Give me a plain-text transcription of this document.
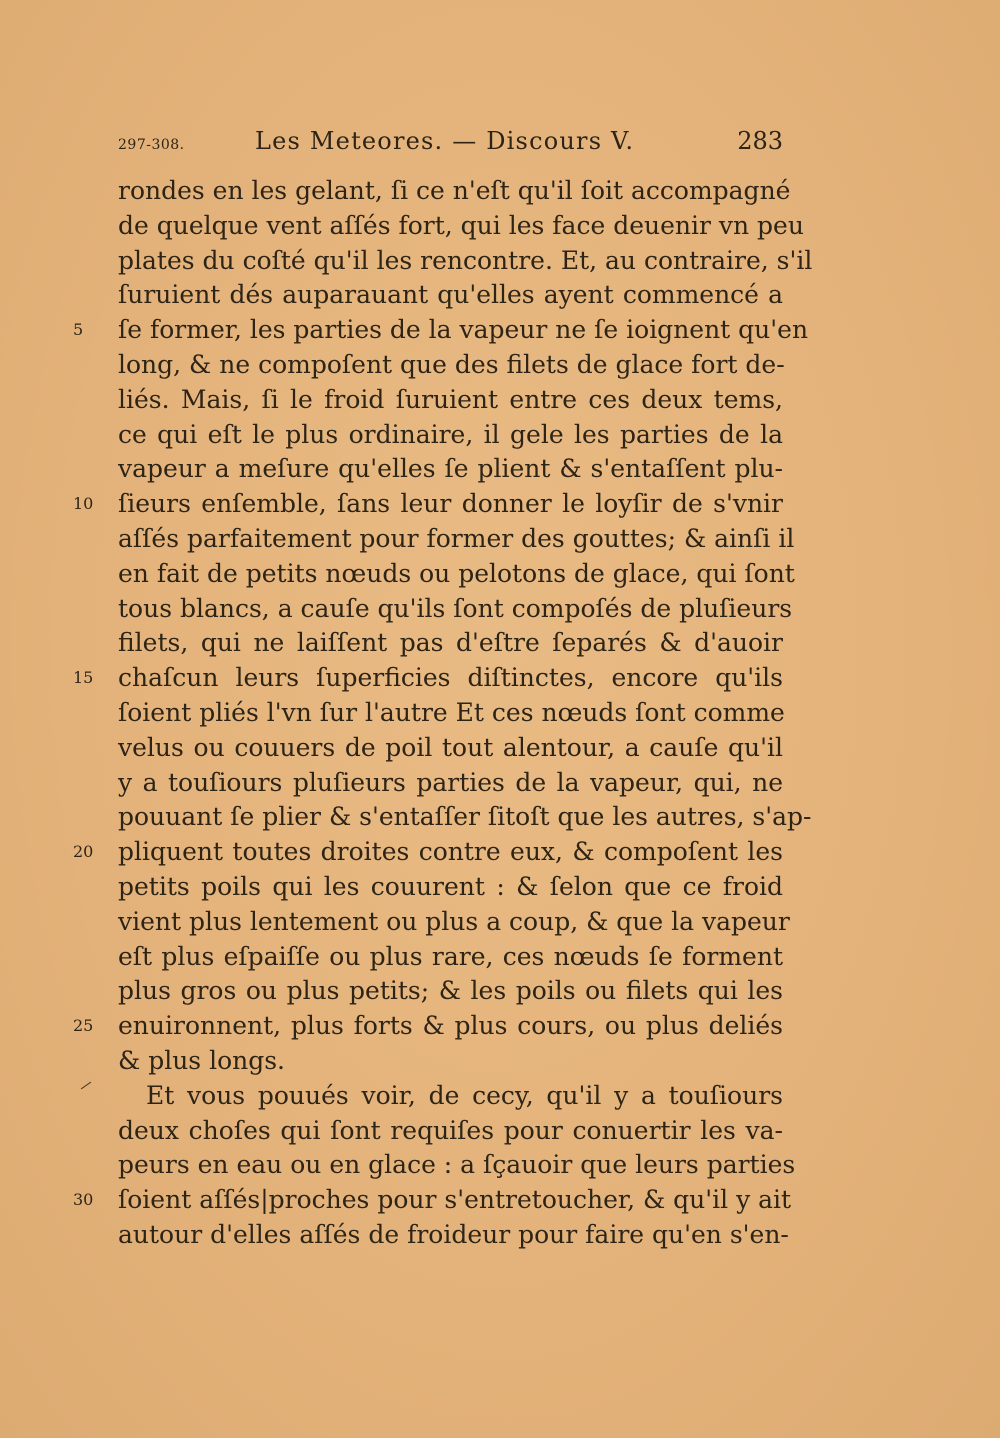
297-308.	Les Meteores. — Discours V.	283
rondes en les gelant, ſi ce n'eſt qu'il ſoit accompagné
de quelque vent aſſés fort, qui les face deuenir vn peu
plates du coſté qu'il les rencontre. Et, au contraire, s'il
ſuruient dés auparauant qu'elles ayent commencé a
5	ſe former, les parties de la vapeur ne ſe ioignent qu'en
long, & ne compoſent que des filets de glace fort de-
liés. Mais, ſi le froid ſuruient entre ces deux tems,
ce qui eſt le plus ordinaire, il gele les parties de la
vapeur a meſure qu'elles ſe plient & s'entaſſent plu-
10 ſieurs enſemble, ſans leur donner le loyſir de s'vnir
aſſés parfaitement pour former des gouttes; & ainſi il
en fait de petits nœuds ou pelotons de glace, qui ſont
tous blancs, a cauſe qu'ils ſont compoſés de pluſieurs
filets, qui ne laiſſent pas d'eſtre ſeparés & d'auoir
15 chaſcun leurs ſuperficies diſtinctes, encore qu'ils
ſoient pliés l'vn ſur l'autre Et ces nœuds ſont comme
velus ou couuers de poil tout alentour, a cauſe qu'il
y a touſiours pluſieurs parties de la vapeur, qui, ne
pouuant ſe plier & s'entaſſer ſitoſt que les autres, s'ap-
20 pliquent toutes droites contre eux, & compoſent les
petits poils qui les couurent : & ſelon que ce froid
vient plus lentement ou plus a coup, & que la vapeur
eſt plus eſpaiſſe ou plus rare, ces nœuds ſe forment
plus gros ou plus petits; & les poils ou filets qui les
25 enuironnent, plus forts & plus cours, ou plus deliés
& plus longs.
Et vous pouués voir, de cecy, qu'il y a touſiours
deux choſes qui ſont requiſes pour conuertir les va-
peurs en eau ou en glace : a ſçauoir que leurs parties
30 ſoient aſſés|proches pour s'entretoucher, & qu'il y ait
autour d'elles aſſés de froideur pour faire qu'en s'en-
